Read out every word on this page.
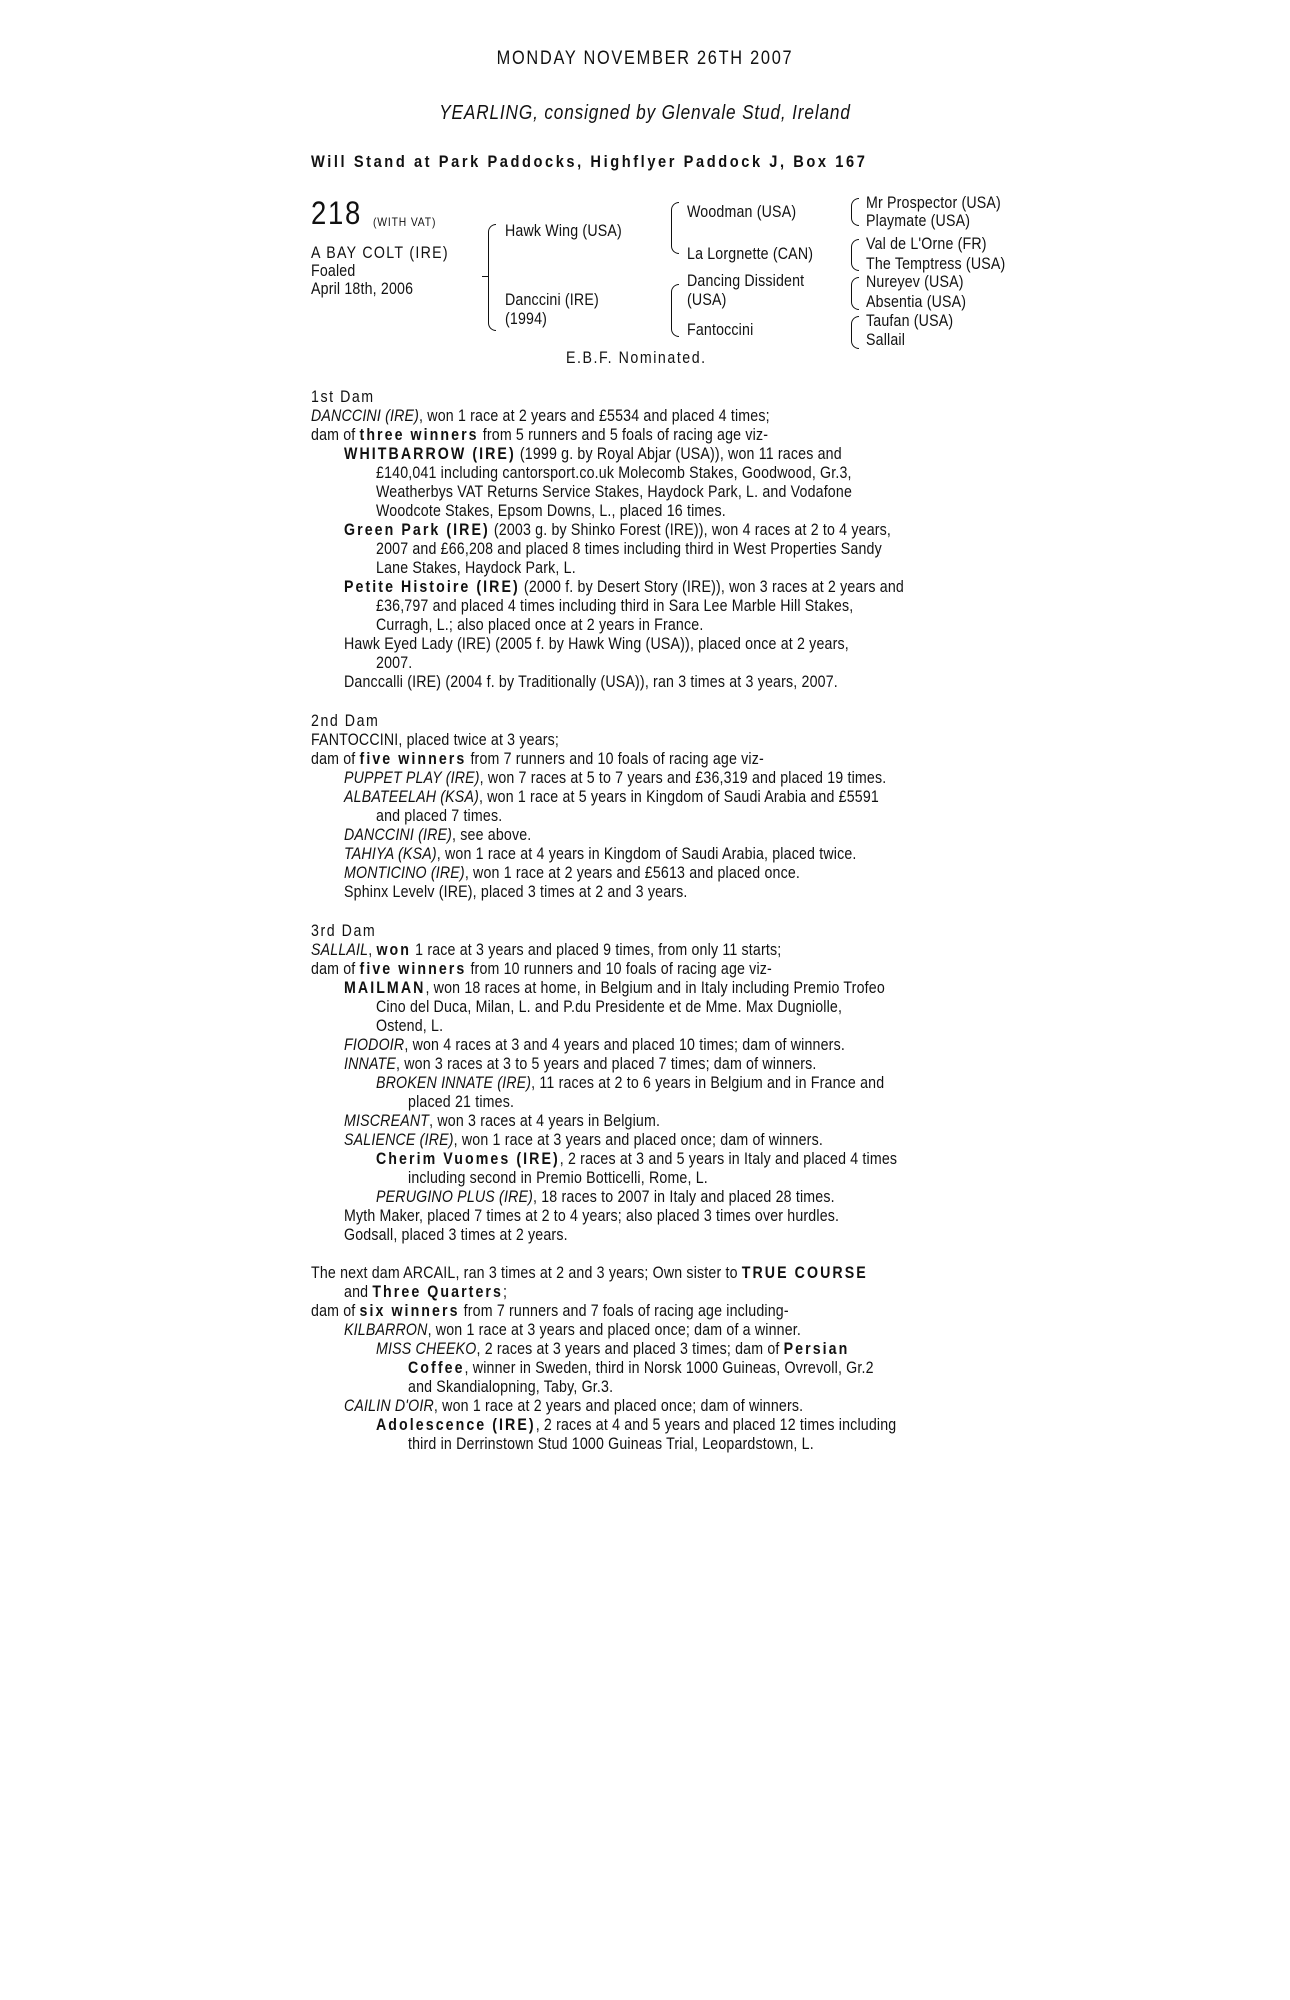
MONDAY NOVEMBER 26TH 2007
YEARLING, consigned by Glenvale Stud, Ireland
Will Stand at Park Paddocks, Highflyer Paddock J, Box 167
218 (WITH VAT)
A BAY COLT (IRE)
Foaled
April 18th, 2006
Hawk Wing (USA)
Danccini (IRE)
(1994)
Woodman (USA)
La Lorgnette (CAN)
Dancing Dissident
(USA)
Fantoccini
Mr Prospector (USA)
Playmate (USA)
Val de L'Orne (FR)
The Temptress (USA)
Nureyev (USA)
Absentia (USA)
Taufan (USA)
Sallail
E.B.F. Nominated.
1st Dam
DANCCINI (IRE), won 1 race at 2 years and £5534 and placed 4 times;
dam of three winners from 5 runners and 5 foals of racing age viz-
WHITBARROW (IRE) (1999 g. by Royal Abjar (USA)), won 11 races and
£140,041 including cantorsport.co.uk Molecomb Stakes, Goodwood, Gr.3,
Weatherbys VAT Returns Service Stakes, Haydock Park, L. and Vodafone
Woodcote Stakes, Epsom Downs, L., placed 16 times.
Green Park (IRE) (2003 g. by Shinko Forest (IRE)), won 4 races at 2 to 4 years,
2007 and £66,208 and placed 8 times including third in West Properties Sandy
Lane Stakes, Haydock Park, L.
Petite Histoire (IRE) (2000 f. by Desert Story (IRE)), won 3 races at 2 years and
£36,797 and placed 4 times including third in Sara Lee Marble Hill Stakes,
Curragh, L.; also placed once at 2 years in France.
Hawk Eyed Lady (IRE) (2005 f. by Hawk Wing (USA)), placed once at 2 years,
2007.
Danccalli (IRE) (2004 f. by Traditionally (USA)), ran 3 times at 3 years, 2007.
2nd Dam
FANTOCCINI, placed twice at 3 years;
dam of five winners from 7 runners and 10 foals of racing age viz-
PUPPET PLAY (IRE), won 7 races at 5 to 7 years and £36,319 and placed 19 times.
ALBATEELAH (KSA), won 1 race at 5 years in Kingdom of Saudi Arabia and £5591
and placed 7 times.
DANCCINI (IRE), see above.
TAHIYA (KSA), won 1 race at 4 years in Kingdom of Saudi Arabia, placed twice.
MONTICINO (IRE), won 1 race at 2 years and £5613 and placed once.
Sphinx Levelv (IRE), placed 3 times at 2 and 3 years.
3rd Dam
SALLAIL, won 1 race at 3 years and placed 9 times, from only 11 starts;
dam of five winners from 10 runners and 10 foals of racing age viz-
MAILMAN, won 18 races at home, in Belgium and in Italy including Premio Trofeo
Cino del Duca, Milan, L. and P.du Presidente et de Mme. Max Dugniolle,
Ostend, L.
FIODOIR, won 4 races at 3 and 4 years and placed 10 times; dam of winners.
INNATE, won 3 races at 3 to 5 years and placed 7 times; dam of winners.
BROKEN INNATE (IRE), 11 races at 2 to 6 years in Belgium and in France and
placed 21 times.
MISCREANT, won 3 races at 4 years in Belgium.
SALIENCE (IRE), won 1 race at 3 years and placed once; dam of winners.
Cherim Vuomes (IRE), 2 races at 3 and 5 years in Italy and placed 4 times
including second in Premio Botticelli, Rome, L.
PERUGINO PLUS (IRE), 18 races to 2007 in Italy and placed 28 times.
Myth Maker, placed 7 times at 2 to 4 years; also placed 3 times over hurdles.
Godsall, placed 3 times at 2 years.
The next dam ARCAIL, ran 3 times at 2 and 3 years; Own sister to TRUE COURSE
and Three Quarters;
dam of six winners from 7 runners and 7 foals of racing age including-
KILBARRON, won 1 race at 3 years and placed once; dam of a winner.
MISS CHEEKO, 2 races at 3 years and placed 3 times; dam of Persian
Coffee, winner in Sweden, third in Norsk 1000 Guineas, Ovrevoll, Gr.2
and Skandialopning, Taby, Gr.3.
CAILIN D'OIR, won 1 race at 2 years and placed once; dam of winners.
Adolescence (IRE), 2 races at 4 and 5 years and placed 12 times including
third in Derrinstown Stud 1000 Guineas Trial, Leopardstown, L.
